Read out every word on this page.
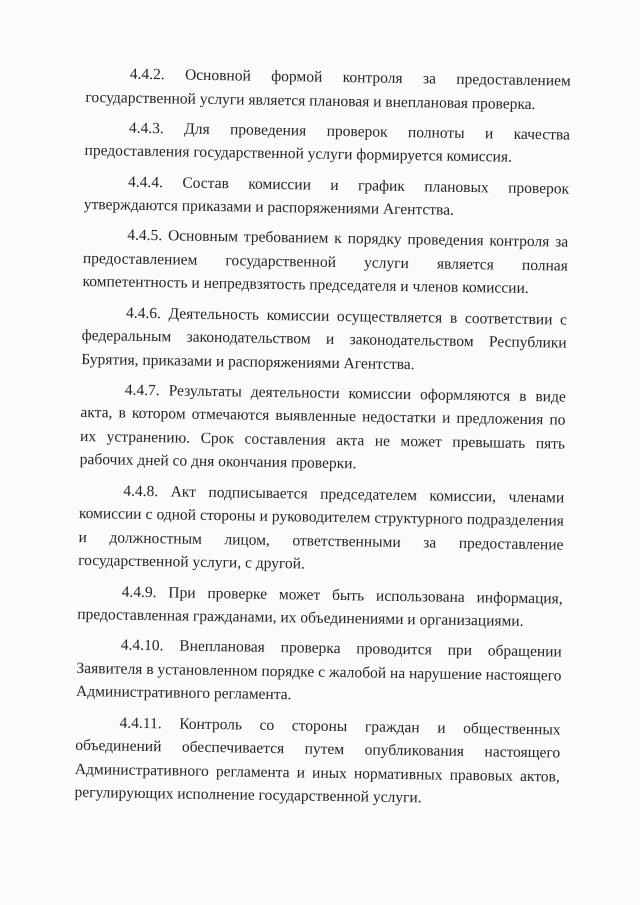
4.4.2. Основной формой контроля за предоставлением государственной услуги является плановая и внеплановая проверка.

4.4.3. Для проведения проверок полноты и качества предоставления государственной услуги формируется комиссия.

4.4.4. Состав комиссии и график плановых проверок утверждаются приказами и распоряжениями Агентства.

4.4.5. Основным требованием к порядку проведения контроля за предоставлением государственной услуги является полная компетентность и непредвзятость председателя и членов комиссии.

4.4.6. Деятельность комиссии осуществляется в соответствии с федеральным законодательством и законодательством Республики Бурятия, приказами и распоряжениями Агентства.

4.4.7. Результаты деятельности комиссии оформляются в виде акта, в котором отмечаются выявленные недостатки и предложения по их устранению. Срок составления акта не может превышать пять рабочих дней со дня окончания проверки.

4.4.8. Акт подписывается председателем комиссии, членами комиссии с одной стороны и руководителем структурного подразделения и должностным лицом, ответственными за предоставление государственной услуги, с другой.

4.4.9. При проверке может быть использована информация, предоставленная гражданами, их объединениями и организациями.

4.4.10. Внеплановая проверка проводится при обращении Заявителя в установленном порядке с жалобой на нарушение настоящего Административного регламента.

4.4.11. Контроль со стороны граждан и общественных объединений обеспечивается путем опубликования настоящего Административного регламента и иных нормативных правовых актов, регулирующих исполнение государственной услуги.
